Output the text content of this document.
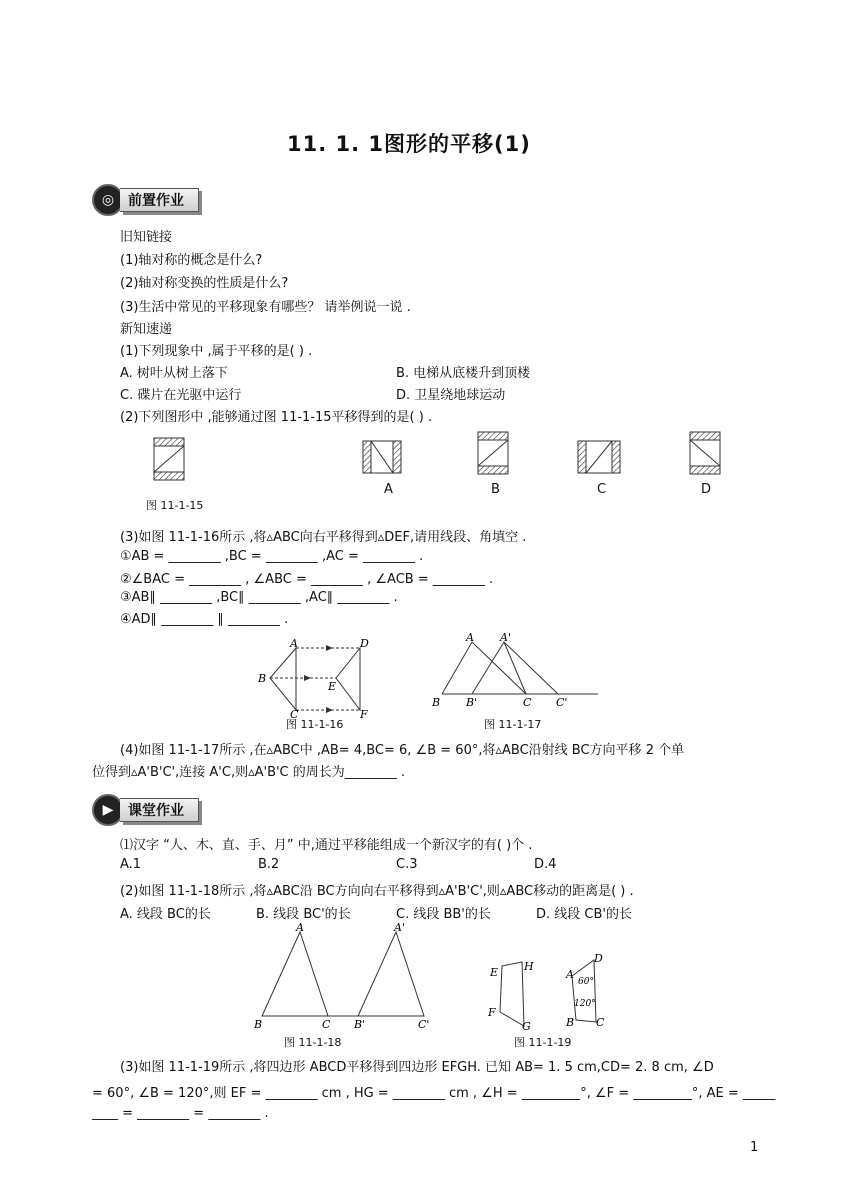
11. 1. 1图形的平移(1)
◎ 前置作业
旧知链接
(1)轴对称的概念是什么?
(2)轴对称变换的性质是什么?
(3)生活中常见的平移现象有哪些？ 请举例说一说 .
新知速递
(1)下列现象中 ,属于平移的是( ) .
A. 树叶从树上落下	B. 电梯从底楼升到顶楼
C. 碟片在光驱中运行	D. 卫星绕地球运动
(2)下列图形中 ,能够通过图 11-1-15平移得到的是( ) .
A	B	C	D
图 11-1-15
(3)如图 11-1-16所示 ,将▵ABC向右平移得到▵DEF,请用线段、角填空 .
①AB = ________ ,BC = ________ ,AC = ________ .
②∠BAC = ________ , ∠ABC = ________ , ∠ACB = ________ .
③AB∥ ________ ,BC∥ ________ ,AC∥ ________ .
④AD∥ ________ ∥ ________ .
A
B
C
D
E
F
图 11-1-16
A A'
B B'	C C'
图 11-1-17
(4)如图 11-1-17所示 ,在▵ABC中 ,AB= 4,BC= 6, ∠B = 60°,将▵ABC沿射线 BC方向平移 2 个单
位得到▵A'B'C',连接 A'C,则▵A'B'C 的周长为________ .
▶	课堂作业
⑴汉字 “人、木、直、手、月” 中,通过平移能组成一个新汉字的有( )个 .
A.1	B.2	C.3	D.4
(2)如图 11-1-18所示 ,将▵ABC沿 BC方向向右平移得到▵A'B'C',则▵ABC移动的距离是( ) .
A. 线段 BC的长	B. 线段 BC'的长	C. 线段 BB'的长	D. 线段 CB'的长
A
B	C
A'
B'	C'
图 11-1-18
E H
F
G
A
D
B C
60°
120°
图 11-1-19
(3)如图 11-1-19所示 ,将四边形 ABCD平移得到四边形 EFGH. 已知 AB= 1. 5 cm,CD= 2. 8 cm, ∠D
= 60°, ∠B = 120°,则 EF = ________ cm , HG = ________ cm , ∠H = _________°, ∠F = _________°, AE = _____
____ = ________ = ________ .
1
